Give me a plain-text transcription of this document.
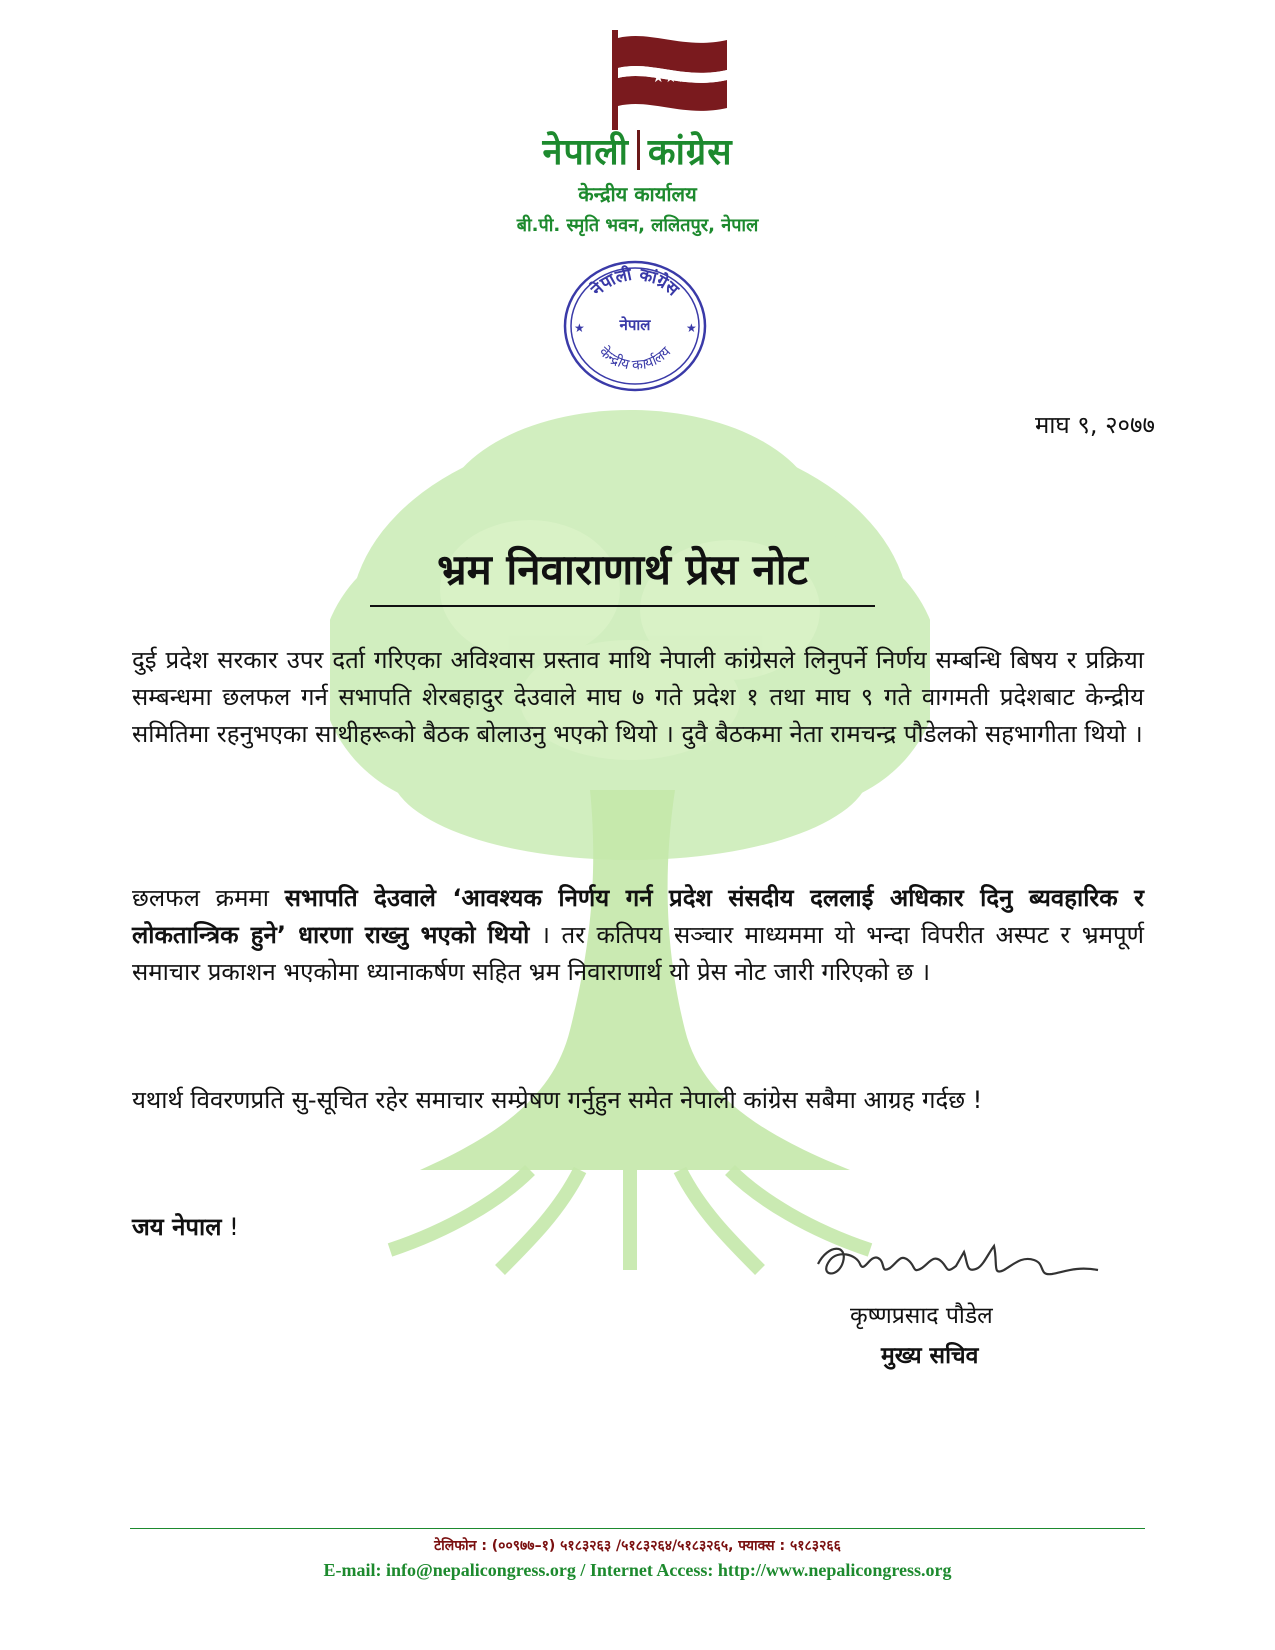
★★★
नेपाली कांग्रेस
केन्द्रीय कार्यालय
बी.पी. स्मृति भवन, ललितपुर, नेपाल
नेपाली कांग्रेस
नेपाल
केन्द्रीय कार्यालय
★	★
माघ ९, २०७७
भ्रम निवाराणार्थ प्रेस नोट

दुई प्रदेश सरकार उपर दर्ता गरिएका अविश्वास प्रस्ताव माथि नेपाली कांग्रेसले लिनुपर्ने निर्णय सम्बन्धि बिषय र प्रक्रिया सम्बन्धमा छलफल गर्न सभापति शेरबहादुर देउवाले माघ ७ गते प्रदेश १ तथा माघ ९ गते वागमती प्रदेशबाट केन्द्रीय समितिमा रहनुभएका साथीहरूको बैठक बोलाउनु भएको थियो । दुवै बैठकमा नेता रामचन्द्र पौडेलको सहभागीता थियो ।

छलफल क्रममा सभापति देउवाले ‘आवश्यक निर्णय गर्न प्रदेश संसदीय दललाई अधिकार दिनु ब्यवहारिक र लोकतान्त्रिक हुने’ धारणा राख्नु भएको थियो । तर कतिपय सञ्चार माध्यममा यो भन्दा विपरीत अस्पट र भ्रमपूर्ण समाचार प्रकाशन भएकोमा ध्यानाकर्षण सहित भ्रम निवाराणार्थ यो प्रेस नोट जारी गरिएको छ ।

यथार्थ विवरणप्रति सु-सूचित रहेर समाचार सम्प्रेषण गर्नुहुन समेत नेपाली कांग्रेस सबैमा आग्रह गर्दछ !

जय नेपाल !
कृष्णप्रसाद पौडेल
मुख्य सचिव
टेलिफोन : (००९७७–१) ५१८३२६३ /५१८३२६४/५१८३२६५, फ्याक्स : ५१८३२६६
E-mail: info@nepalicongress.org / Internet Access: http://www.nepalicongress.org
